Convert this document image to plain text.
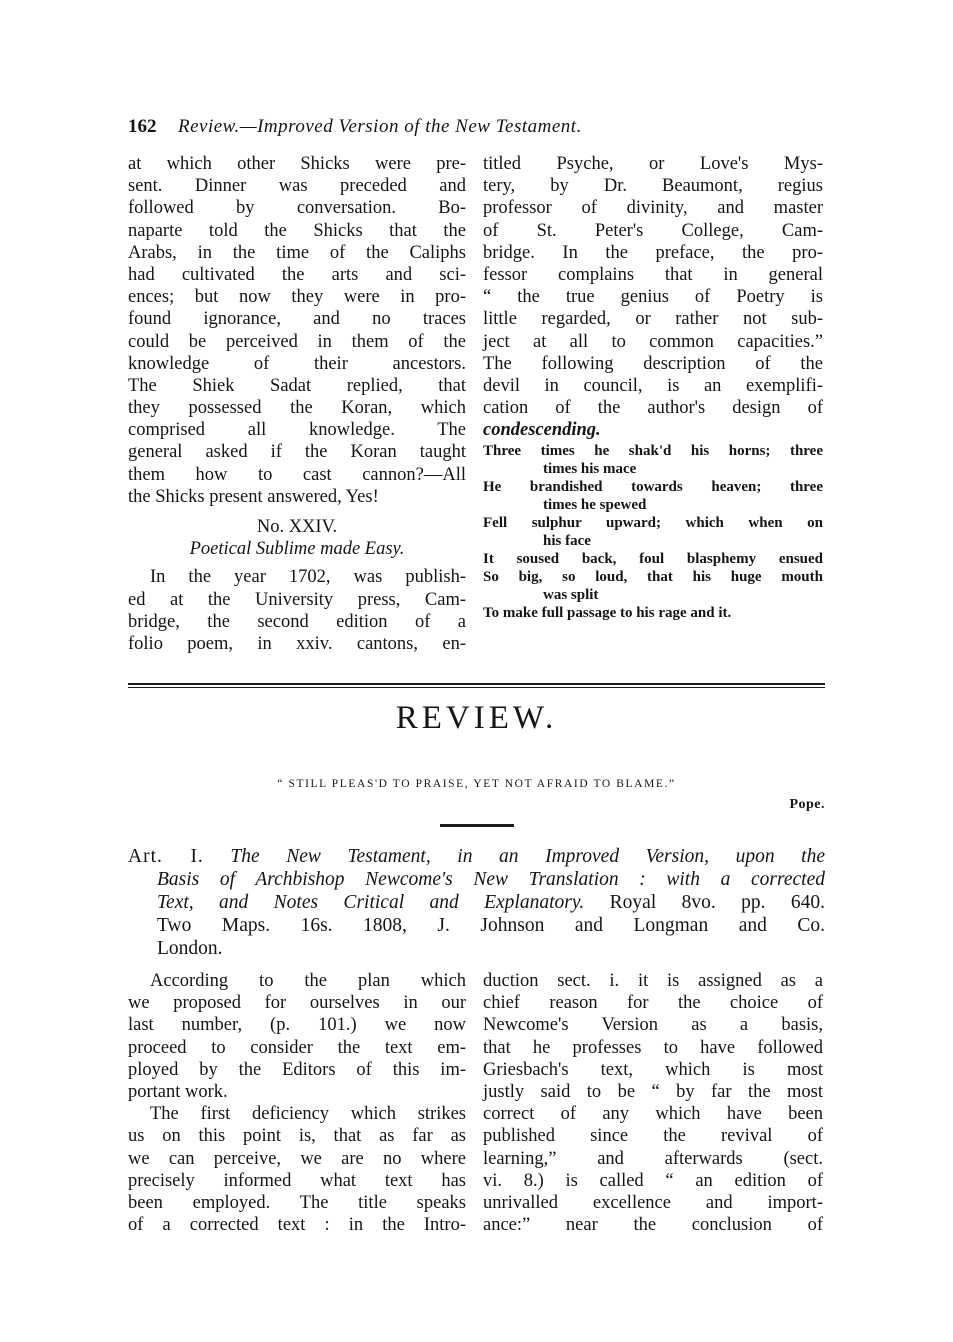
162 Review.—Improved Version of the New Testament.
at which other Shicks were pre-
sent. Dinner was preceded and
followed by conversation. Bo-
naparte told the Shicks that the
Arabs, in the time of the Caliphs
had cultivated the arts and sci-
ences; but now they were in pro-
found ignorance, and no traces
could be perceived in them of the
knowledge of their ancestors.
The Shiek Sadat replied, that
they possessed the Koran, which
comprised all knowledge. The
general asked if the Koran taught
them how to cast cannon?—All
the Shicks present answered, Yes!
No. XXIV.
Poetical Sublime made Easy.
In the year 1702, was publish-
ed at the University press, Cam-
bridge, the second edition of a
folio poem, in xxiv. cantons, en-
titled Psyche, or Love's Mys-
tery, by Dr. Beaumont, regius
professor of divinity, and master
of St. Peter's College, Cam-
bridge. In the preface, the pro-
fessor complains that in general
“ the true genius of Poetry is
little regarded, or rather not sub-
ject at all to common capacities.”
The following description of the
devil in council, is an exemplifi-
cation of the author's design of
condescending.
Three times he shak'd his horns; three
times his mace
He brandished towards heaven; three
times he spewed
Fell sulphur upward; which when on
his face
It soused back, foul blasphemy ensued
So big, so loud, that his huge mouth
was split
To make full passage to his rage and it.
REVIEW.
“ STILL PLEAS'D TO PRAISE, YET NOT AFRAID TO BLAME.”
Pope.
Art. I. The New Testament, in an Improved Version, upon the
Basis of Archbishop Newcome's New Translation : with a corrected
Text, and Notes Critical and Explanatory. Royal 8vo. pp. 640.
Two Maps. 16s. 1808, J. Johnson and Longman and Co.
London.
According to the plan which
we proposed for ourselves in our
last number, (p. 101.) we now
proceed to consider the text em-
ployed by the Editors of this im-
portant work.
The first deficiency which strikes
us on this point is, that as far as
we can perceive, we are no where
precisely informed what text has
been employed. The title speaks
of a corrected text : in the Intro-
duction sect. i. it is assigned as a
chief reason for the choice of
Newcome's Version as a basis,
that he professes to have followed
Griesbach's text, which is most
justly said to be “ by far the most
correct of any which have been
published since the revival of
learning,” and afterwards (sect.
vi. 8.) is called “ an edition of
unrivalled excellence and import-
ance:” near the conclusion of
